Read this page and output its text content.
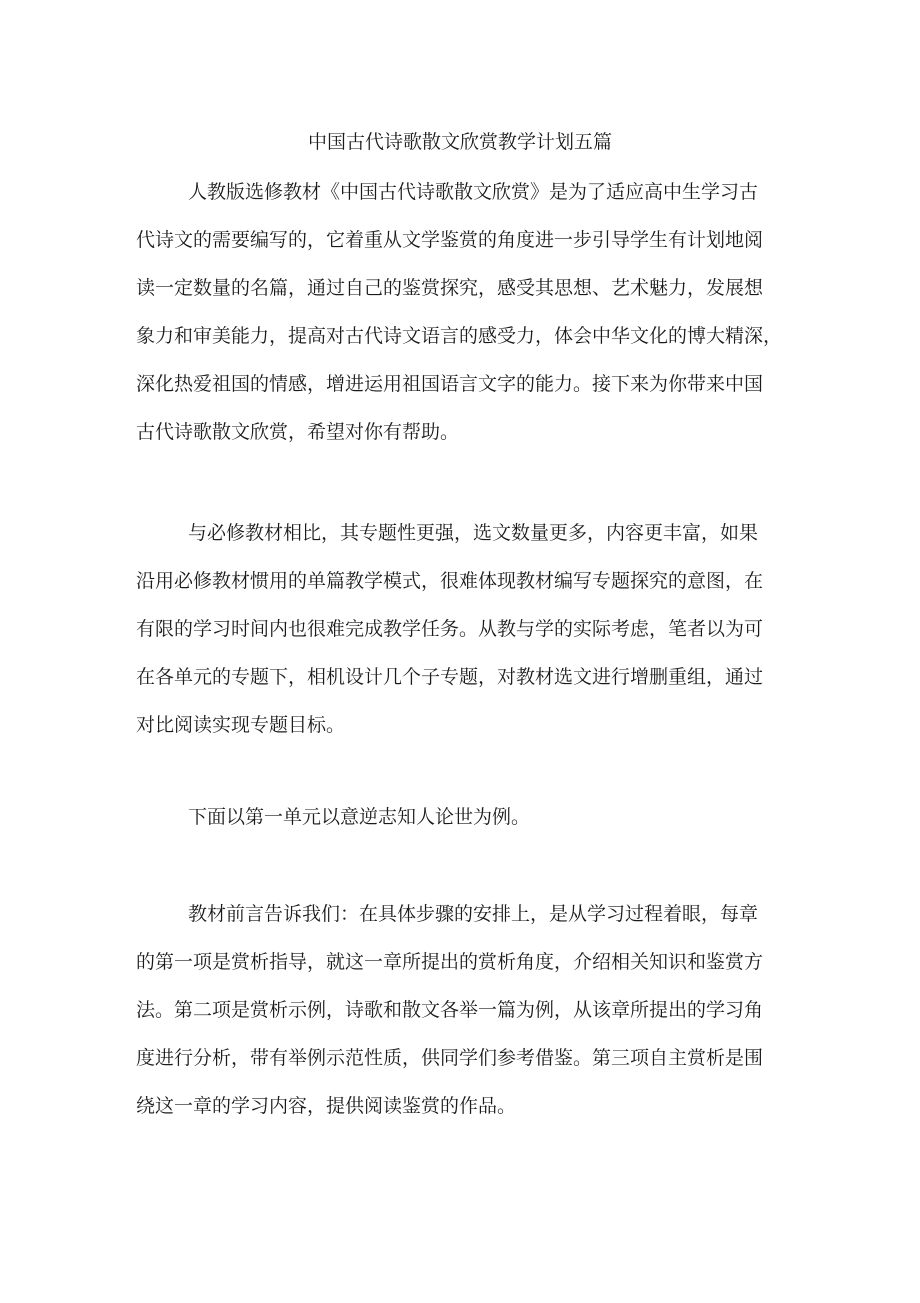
中国古代诗歌散文欣赏教学计划五篇
人教版选修教材《中国古代诗歌散文欣赏》是为了适应高中生学习古
代诗文的需要编写的，它着重从文学鉴赏的角度进一步引导学生有计划地阅
读一定数量的名篇，通过自己的鉴赏探究，感受其思想、艺术魅力，发展想
象力和审美能力，提高对古代诗文语言的感受力，体会中华文化的博大精深，
深化热爱祖国的情感，增进运用祖国语言文字的能力。接下来为你带来中国
古代诗歌散文欣赏，希望对你有帮助。
与必修教材相比，其专题性更强，选文数量更多，内容更丰富，如果
沿用必修教材惯用的单篇教学模式，很难体现教材编写专题探究的意图，在
有限的学习时间内也很难完成教学任务。从教与学的实际考虑，笔者以为可
在各单元的专题下，相机设计几个子专题，对教材选文进行增删重组，通过
对比阅读实现专题目标。
下面以第一单元以意逆志知人论世为例。
教材前言告诉我们：在具体步骤的安排上，是从学习过程着眼，每章
的第一项是赏析指导，就这一章所提出的赏析角度，介绍相关知识和鉴赏方
法。第二项是赏析示例，诗歌和散文各举一篇为例，从该章所提出的学习角
度进行分析，带有举例示范性质，供同学们参考借鉴。第三项自主赏析是围
绕这一章的学习内容，提供阅读鉴赏的作品。
